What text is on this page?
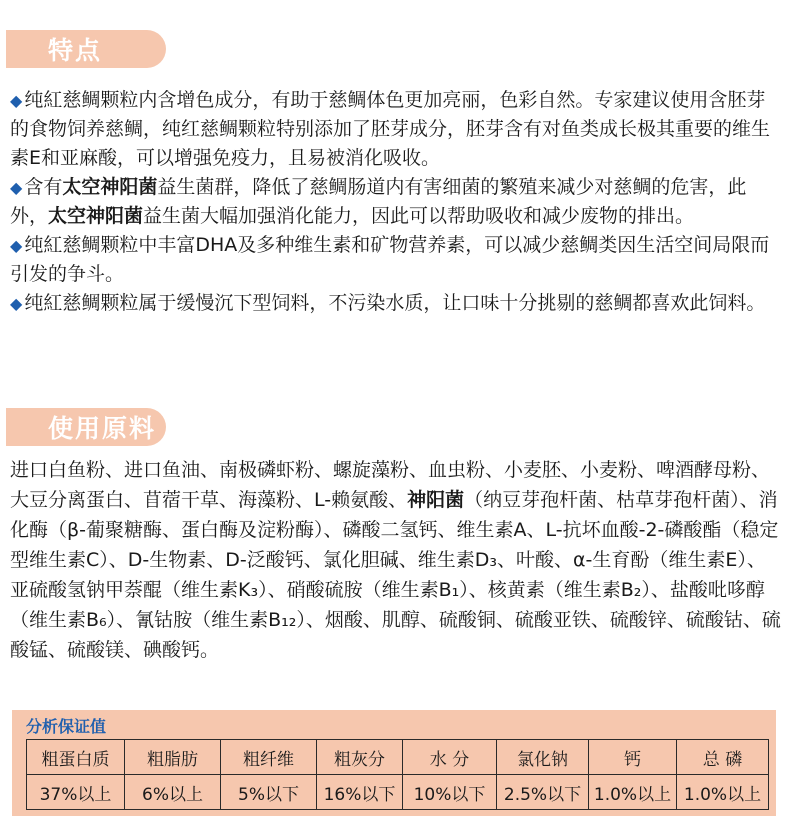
特点

◆ 纯紅慈鲷颗粒内含增色成分，有助于慈鲷体色更加亮丽，色彩自然。专家建议使用含胚芽的食物饲养慈鲷，纯红慈鲷颗粒特别添加了胚芽成分，胚芽含有对鱼类成长极其重要的维生素E和亚麻酸，可以增强免疫力，且易被消化吸收。

◆ 含有太空神阳菌益生菌群，降低了慈鲷肠道内有害细菌的繁殖来减少对慈鲷的危害，此外，太空神阳菌益生菌大幅加强消化能力，因此可以帮助吸收和减少废物的排出。

◆ 纯紅慈鲷颗粒中丰富DHA及多种维生素和矿物营养素，可以减少慈鲷类因生活空间局限而引发的争斗。

◆ 纯紅慈鲷颗粒属于缓慢沉下型饲料，不污染水质，让口味十分挑剔的慈鲷都喜欢此饲料。

使用原料

进口白鱼粉、进口鱼油、南极磷虾粉、螺旋藻粉、血虫粉、小麦胚、小麦粉、啤酒酵母粉、大豆分离蛋白、苜蓿干草、海藻粉、L-赖氨酸、神阳菌（纳豆芽孢杆菌、枯草芽孢杆菌）、消化酶（β-葡聚糖酶、蛋白酶及淀粉酶）、磷酸二氢钙、维生素A、L-抗坏血酸-2-磷酸酯（稳定型维生素C）、D-生物素、D-泛酸钙、氯化胆碱、维生素D₃、叶酸、α-生育酚（维生素E）、亚硫酸氢钠甲萘醌（维生素K₃）、硝酸硫胺（维生素B₁）、核黄素（维生素B₂）、盐酸吡哆醇（维生素B₆）、氰钴胺（维生素B₁₂）、烟酸、肌醇、硫酸铜、硫酸亚铁、硫酸锌、硫酸钴、硫酸锰、硫酸镁、碘酸钙。

分析保证值
粗蛋白质	粗脂肪	粗纤维	粗灰分	水 分	氯化钠	钙	总 磷
37%以上	6%以上	5%以下	16%以下	10%以下	2.5%以下	1.0%以上	1.0%以上
